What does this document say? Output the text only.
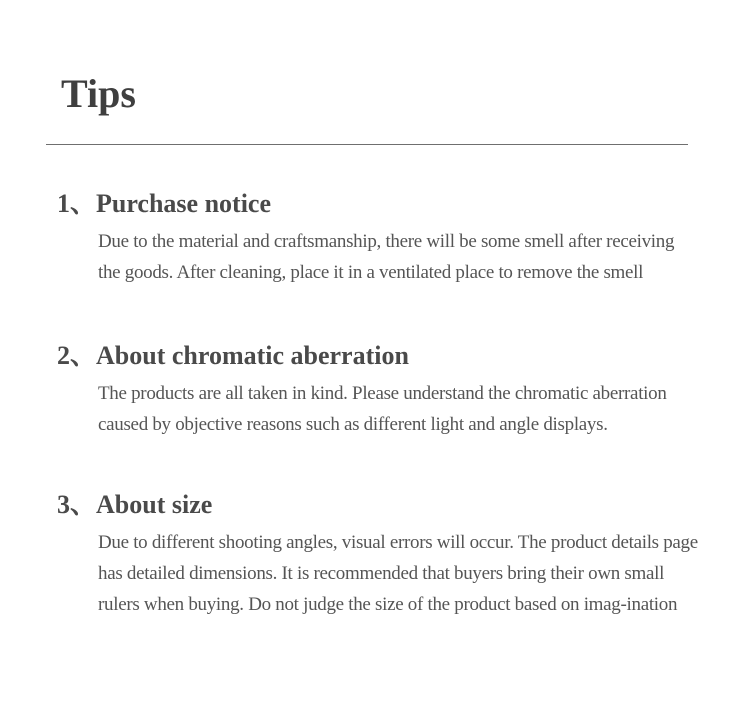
Tips
1、Purchase notice

Due to the material and craftsmanship, there will be some smell after receiving the goods. After cleaning, place it in a ventilated place to remove the smell

2、About chromatic aberration

The products are all taken in kind. Please understand the chromatic aberration caused by objective reasons such as different light and angle displays.

3、About size

Due to different shooting angles, visual errors will occur. The product details page has detailed dimensions. It is recommended that buyers bring their own small rulers when buying. Do not judge the size of the product based on imag-ination
